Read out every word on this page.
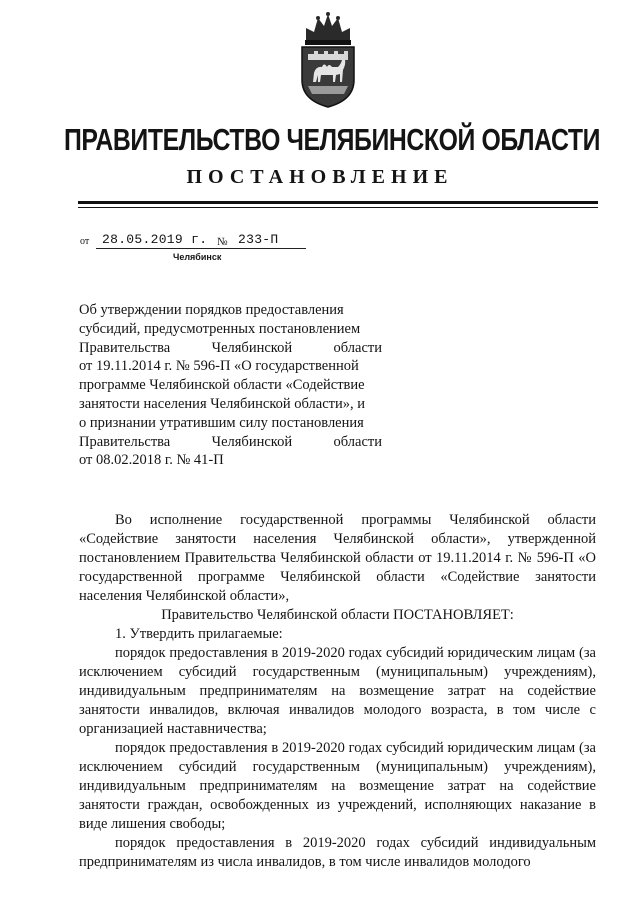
ПРАВИТЕЛЬСТВО ЧЕЛЯБИНСКОЙ ОБЛАСТИ
ПОСТАНОВЛЕНИЕ
от 28.05.2019 г. № 233-П
Челябинск
Об утверждении порядков предоставления
субсидий, предусмотренных постановлением
Правительства	Челябинской	области
от 19.11.2014 г. № 596-П «О государственной
программе Челябинской области «Содействие
занятости населения Челябинской области», и
о признании утратившим силу постановления
Правительства	Челябинской	области
от 08.02.2018 г. № 41-П

Во исполнение государственной программы Челябинской области «Содействие занятости населения Челябинской области», утвержденной постановлением Правительства Челябинской области от 19.11.2014 г. № 596-П «О государственной программе Челябинской области «Содействие занятости населения Челябинской области»,

Правительство Челябинской области ПОСТАНОВЛЯЕТ:

1. Утвердить прилагаемые:

порядок предоставления в 2019-2020 годах субсидий юридическим лицам (за исключением субсидий государственным (муниципальным) учреждениям), индивидуальным предпринимателям на возмещение затрат на содействие занятости инвалидов, включая инвалидов молодого возраста, в том числе с организацией наставничества;

порядок предоставления в 2019-2020 годах субсидий юридическим лицам (за исключением субсидий государственным (муниципальным) учреждениям), индивидуальным предпринимателям на возмещение затрат на содействие занятости граждан, освобожденных из учреждений, исполняющих наказание в виде лишения свободы;

порядок предоставления в 2019-2020 годах субсидий индивидуальным предпринимателям из числа инвалидов, в том числе инвалидов молодого
